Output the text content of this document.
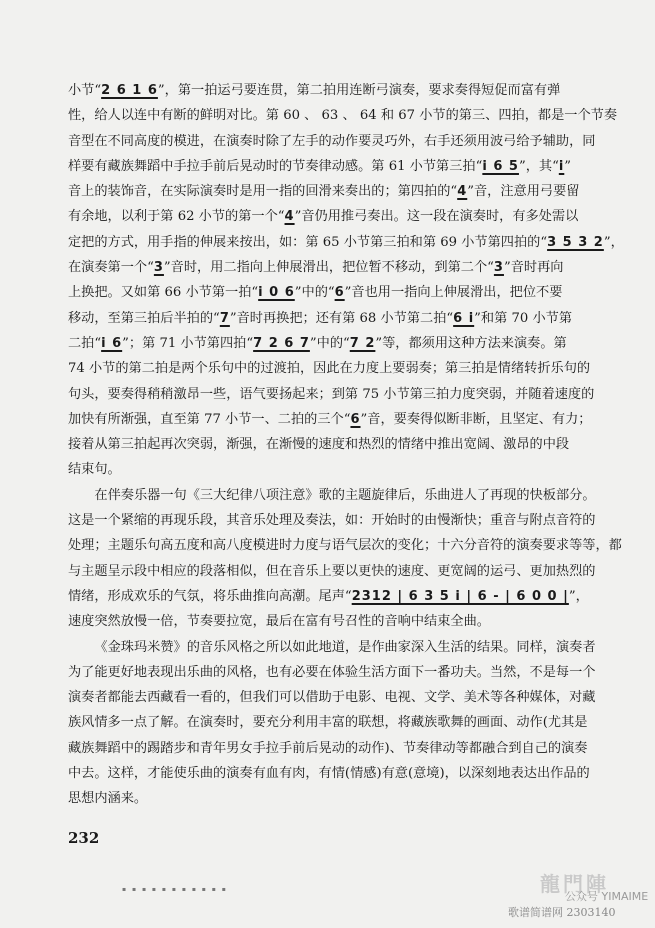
小节“2 6 1 6”，第一拍运弓要连贯，第二拍用连断弓演奏，要求奏得短促而富有弹
性，给人以连中有断的鲜明对比。第 60 、 63 、 64 和 67 小节的第三、四拍，都是一个节奏
音型在不同高度的模进，在演奏时除了左手的动作要灵巧外，右手还须用波弓给予辅助，同
样要有藏族舞蹈中手拉手前后晃动时的节奏律动感。第 61 小节第三拍“i 6 5”，其“i”
音上的装饰音，在实际演奏时是用一指的回滑来奏出的；第四拍的“4”音，注意用弓要留
有余地，以利于第 62 小节的第一个“4”音仍用推弓奏出。这一段在演奏时，有多处需以
定把的方式，用手指的伸展来按出，如：第 65 小节第三拍和第 69 小节第四拍的“3 5 3 2”，
在演奏第一个“3”音时，用二指向上伸展滑出，把位暂不移动，到第二个“3”音时再向
上换把。又如第 66 小节第一拍“i 0 6”中的“6”音也用一指向上伸展滑出，把位不要
移动，至第三拍后半拍的“7”音时再换把；还有第 68 小节第二拍“6 i”和第 70 小节第
二拍“i 6”；第 71 小节第四拍“7 2 6 7”中的“7 2”等，都须用这种方法来演奏。第
74 小节的第二拍是两个乐句中的过渡拍，因此在力度上要弱奏；第三拍是情绪转折乐句的
句头，要奏得稍稍激昂一些，语气要扬起来；到第 75 小节第三拍力度突弱，并随着速度的
加快有所渐强，直至第 77 小节一、二拍的三个“6”音，要奏得似断非断，且坚定、有力；
接着从第三拍起再次突弱，渐强，在渐慢的速度和热烈的情绪中推出宽阔、激昂的中段
结束句。

在伴奏乐器一句《三大纪律八项注意》歌的主题旋律后，乐曲进人了再现的快板部分。
这是一个紧缩的再现乐段，其音乐处理及奏法，如：开始时的由慢渐快；重音与附点音符的
处理；主题乐句高五度和高八度模进时力度与语气层次的变化；十六分音符的演奏要求等等，都
与主题呈示段中相应的段落相似，但在音乐上要以更快的速度、更宽阔的运弓、更加热烈的
情绪，形成欢乐的气氛，将乐曲推向高潮。尾声“2312 | 6 3 5 i | 6 - | 6 0 0 |”，
速度突然放慢一倍，节奏要拉宽，最后在富有号召性的音响中结束全曲。

《金珠玛米赞》的音乐风格之所以如此地道，是作曲家深入生活的结果。同样，演奏者
为了能更好地表现出乐曲的风格，也有必要在体验生活方面下一番功夫。当然，不是每一个
演奏者都能去西藏看一看的，但我们可以借助于电影、电视、文学、美术等各种媒体，对藏
族风情多一点了解。在演奏时，要充分利用丰富的联想，将藏族歌舞的画面、动作(尤其是
藏族舞蹈中的踢踏步和青年男女手拉手前后晃动的动作)、节奏律动等都融合到自己的演奏
中去。这样，才能使乐曲的演奏有血有肉，有情(情感)有意(意境)，以深刻地表达出作品的
思想内涵来。

232
▪ ▪ ▪ ▪ ▪ ▪ ▪ ▪ ▪ ▪ ▪	龍門陣
公众号 YIMAIME
歌谱简谱网 2303140
